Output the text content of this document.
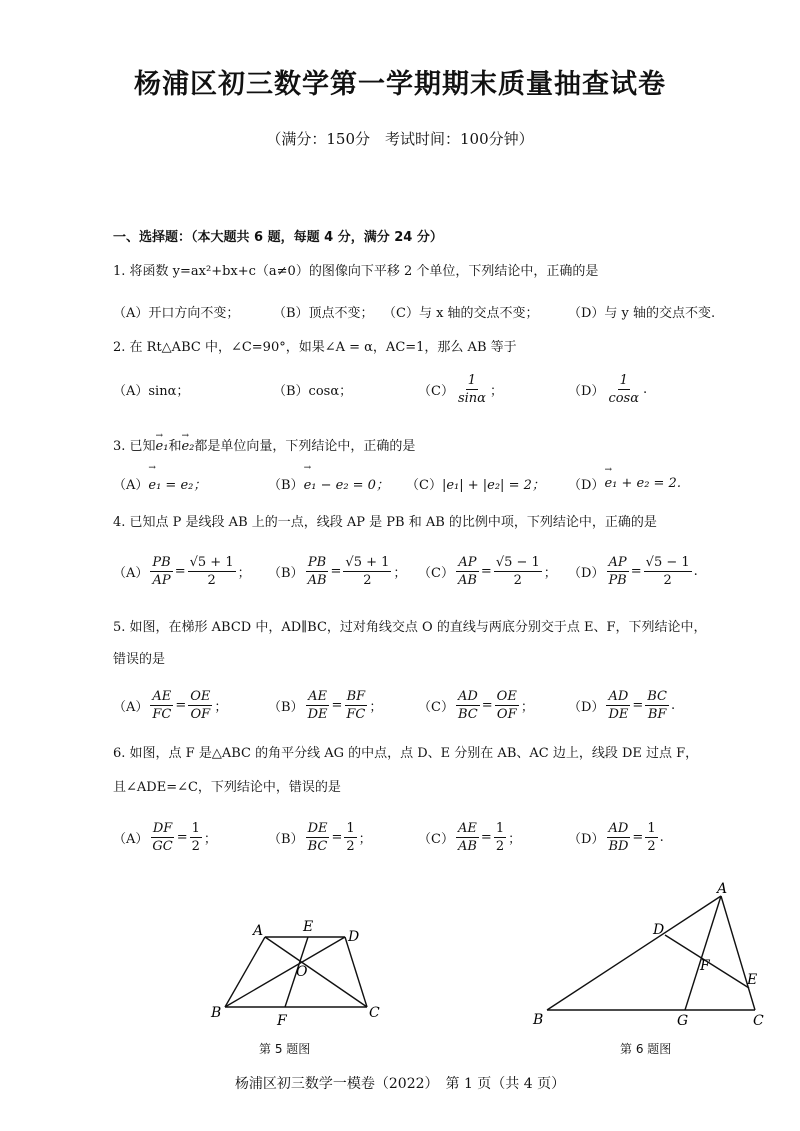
杨浦区初三数学第一学期期末质量抽查试卷
（满分：150分　考试时间：100分钟）
一、选择题：（本大题共 6 题，每题 4 分，满分 24 分）
1. 将函数 y=ax²+bx+c（a≠0）的图像向下平移 2 个单位，下列结论中，正确的是
（A）开口方向不变；	（B）顶点不变； （C）与 x 轴的交点不变； （D）与 y 轴的交点不变.
2. 在 Rt△ABC 中，∠C=90°，如果∠A = α，AC=1，那么 AB 等于
（A）sinα；	（B）cosα；	$(C) \frac{1}{\sin\alpha}$ ；	$(D) \frac{1}{\cos\alpha}$ .
3. 已知→ e₁和→ e₂都是单位向量，下列结论中，正确的是
（A） → e₁ = e₂；	（B） → e₁ − e₂ = 0； （C） |e₁| + |e₂| = 2； （D） → e₁ + e₂ = 2.
4. 已知点 P 是线段 AB 上的一点，线段 AP 是 PB 和 AB 的比例中项，下列结论中，正确的是
$(A) \frac{PB}{AP} = \frac{√5 + 1}{2}$ ； $(B) \frac{PB}{AB} = \frac{√5 + 1}{2}$ ； $(C) \frac{AP}{AB} = \frac{√5 - 1}{2}$ ； $(D) \frac{AP}{PB} = \frac{√5 - 1}{2}$ .
5. 如图，在梯形 ABCD 中，AD∥BC，过对角线交点 O 的直线与两底分别交于点 E、F，下列结论中，
错误的是
$(A) \frac{AE}{FC} = \frac{OE}{OF}$ ；	$(B) \frac{AE}{DE} = \frac{BF}{FC}$ ；	$(C) \frac{AD}{BC} = \frac{OE}{OF}$ ；	$(D) \frac{AD}{DE} = \frac{BC}{BF}$ .
6. 如图，点 F 是△ABC 的角平分线 AG 的中点，点 D、E 分别在 AB、AC 边上，线段 DE 过点 F，
且∠ADE=∠C，下列结论中，错误的是
$(A) \frac{DF}{GC} = \frac{1}{2}$ ；	$(B) \frac{DE}{BC} = \frac{1}{2}$ ；	$(C) \frac{AE}{AB} = \frac{1}{2}$ ；	$(D) \frac{AD}{BD} = \frac{1}{2}$ .
A	E
D
O
B	F	C
第 5 题图
A
D
F
E
B	G	C
第 6 题图
杨浦区初三数学一模卷（2022）　第 1 页（共 4 页）
